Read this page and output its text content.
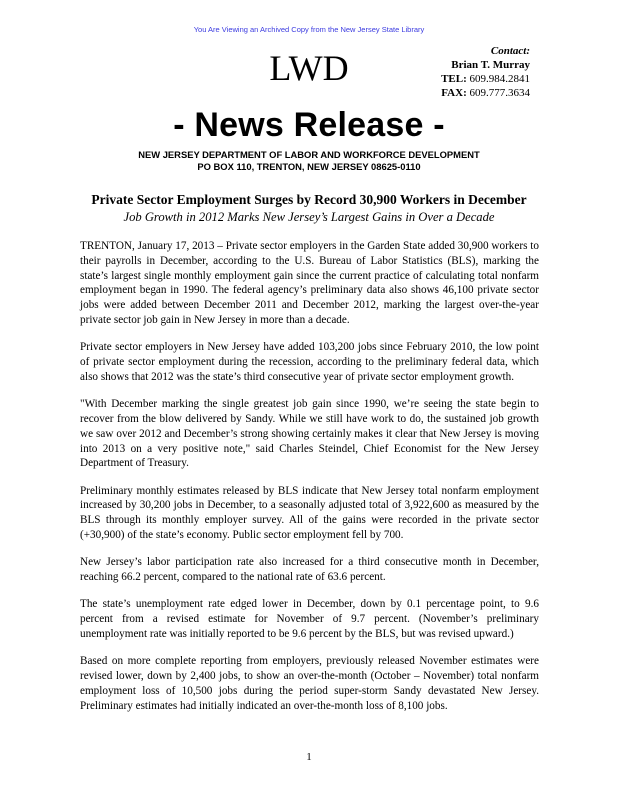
You Are Viewing an Archived Copy from the New Jersey State Library
LWD	Contact:
Brian T. Murray
TEL: 609.984.2841
FAX: 609.777.3634
- News Release -
NEW JERSEY DEPARTMENT OF LABOR AND WORKFORCE DEVELOPMENT
PO BOX 110, TRENTON, NEW JERSEY 08625-0110
Private Sector Employment Surges by Record 30,900 Workers in December
Job Growth in 2012 Marks New Jersey’s Largest Gains in Over a Decade

TRENTON, January 17, 2013 – Private sector employers in the Garden State added 30,900 workers to their payrolls in December, according to the U.S. Bureau of Labor Statistics (BLS), marking the state’s largest single monthly employment gain since the current practice of calculating total nonfarm employment began in 1990. The federal agency’s preliminary data also shows 46,100 private sector jobs were added between December 2011 and December 2012, marking the largest over-the-year private sector job gain in New Jersey in more than a decade.

Private sector employers in New Jersey have added 103,200 jobs since February 2010, the low point of private sector employment during the recession, according to the preliminary federal data, which also shows that 2012 was the state’s third consecutive year of private sector employment growth.

"With December marking the single greatest job gain since 1990, we’re seeing the state begin to recover from the blow delivered by Sandy. While we still have work to do, the sustained job growth we saw over 2012 and December’s strong showing certainly makes it clear that New Jersey is moving into 2013 on a very positive note," said Charles Steindel, Chief Economist for the New Jersey Department of Treasury.

Preliminary monthly estimates released by BLS indicate that New Jersey total nonfarm employment increased by 30,200 jobs in December, to a seasonally adjusted total of 3,922,600 as measured by the BLS through its monthly employer survey. All of the gains were recorded in the private sector (+30,900) of the state’s economy. Public sector employment fell by 700.

New Jersey’s labor participation rate also increased for a third consecutive month in December, reaching 66.2 percent, compared to the national rate of 63.6 percent.

The state’s unemployment rate edged lower in December, down by 0.1 percentage point, to 9.6 percent from a revised estimate for November of 9.7 percent. (November’s preliminary unemployment rate was initially reported to be 9.6 percent by the BLS, but was revised upward.)

Based on more complete reporting from employers, previously released November estimates were revised lower, down by 2,400 jobs, to show an over-the-month (October – November) total nonfarm employment loss of 10,500 jobs during the period super-storm Sandy devastated New Jersey. Preliminary estimates had initially indicated an over-the-month loss of 8,100 jobs.

1
